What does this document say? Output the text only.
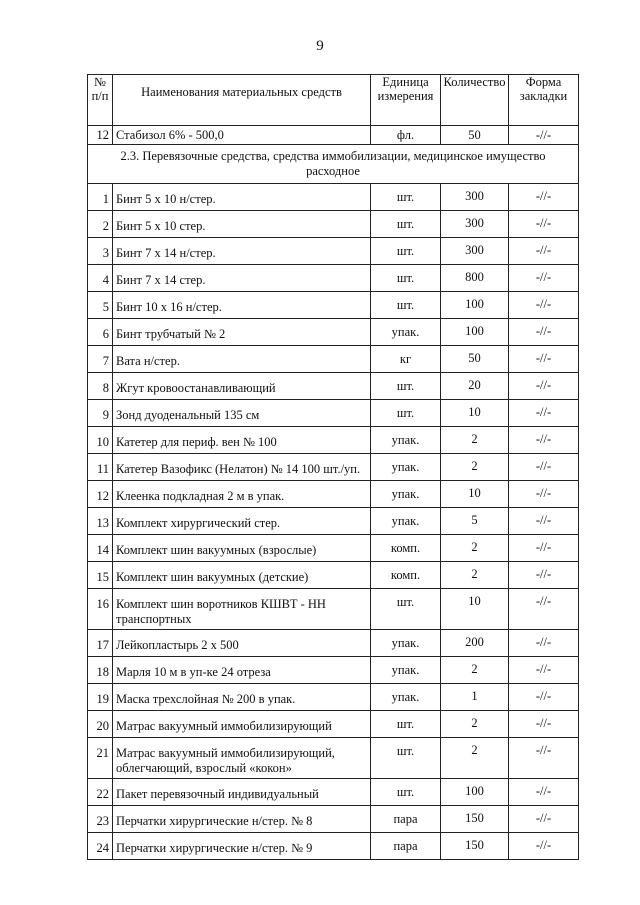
9
№ п/п	Наименования материальных средств	Единица измерения	Количество	Форма закладки
12	Стабизол 6% - 500,0	фл.	50	-//-
2.3. Перевязочные средства, средства иммобилизации, медицинское имущество расходное				
1	Бинт 5 х 10 н/стер.	шт.	300	-//-
2	Бинт 5 х 10 стер.	шт.	300	-//-
3	Бинт 7 х 14 н/стер.	шт.	300	-//-
4	Бинт 7 х 14 стер.	шт.	800	-//-
5	Бинт 10 х 16 н/стер.	шт.	100	-//-
6	Бинт трубчатый № 2	упак.	100	-//-
7	Вата н/стер.	кг	50	-//-
8	Жгут кровоостанавливающий	шт.	20	-//-
9	Зонд дуоденальный 135 см	шт.	10	-//-
10	Катетер для периф. вен № 100	упак.	2	-//-
11	Катетер Вазофикс (Нелатон) № 14 100 шт./уп.	упак.	2	-//-
12	Клеенка подкладная 2 м в упак.	упак.	10	-//-
13	Комплект хирургический стер.	упак.	5	-//-
14	Комплект шин вакуумных (взрослые)	комп.	2	-//-
15	Комплект шин вакуумных (детские)	комп.	2	-//-
16	Комплект шин воротников КШВТ - НН транспортных	шт.	10	-//-
17	Лейкопластырь 2 х 500	упак.	200	-//-
18	Марля 10 м в уп-ке 24 отреза	упак.	2	-//-
19	Маска трехслойная № 200 в упак.	упак.	1	-//-
20	Матрас вакуумный иммобилизирующий	шт.	2	-//-
21	Матрас вакуумный иммобилизирующий, облегчающий, взрослый «кокон»	шт.	2	-//-
22	Пакет перевязочный индивидуальный	шт.	100	-//-
23	Перчатки хирургические н/стер. № 8	пара	150	-//-
24	Перчатки хирургические н/стер. № 9	пара	150	-//-
